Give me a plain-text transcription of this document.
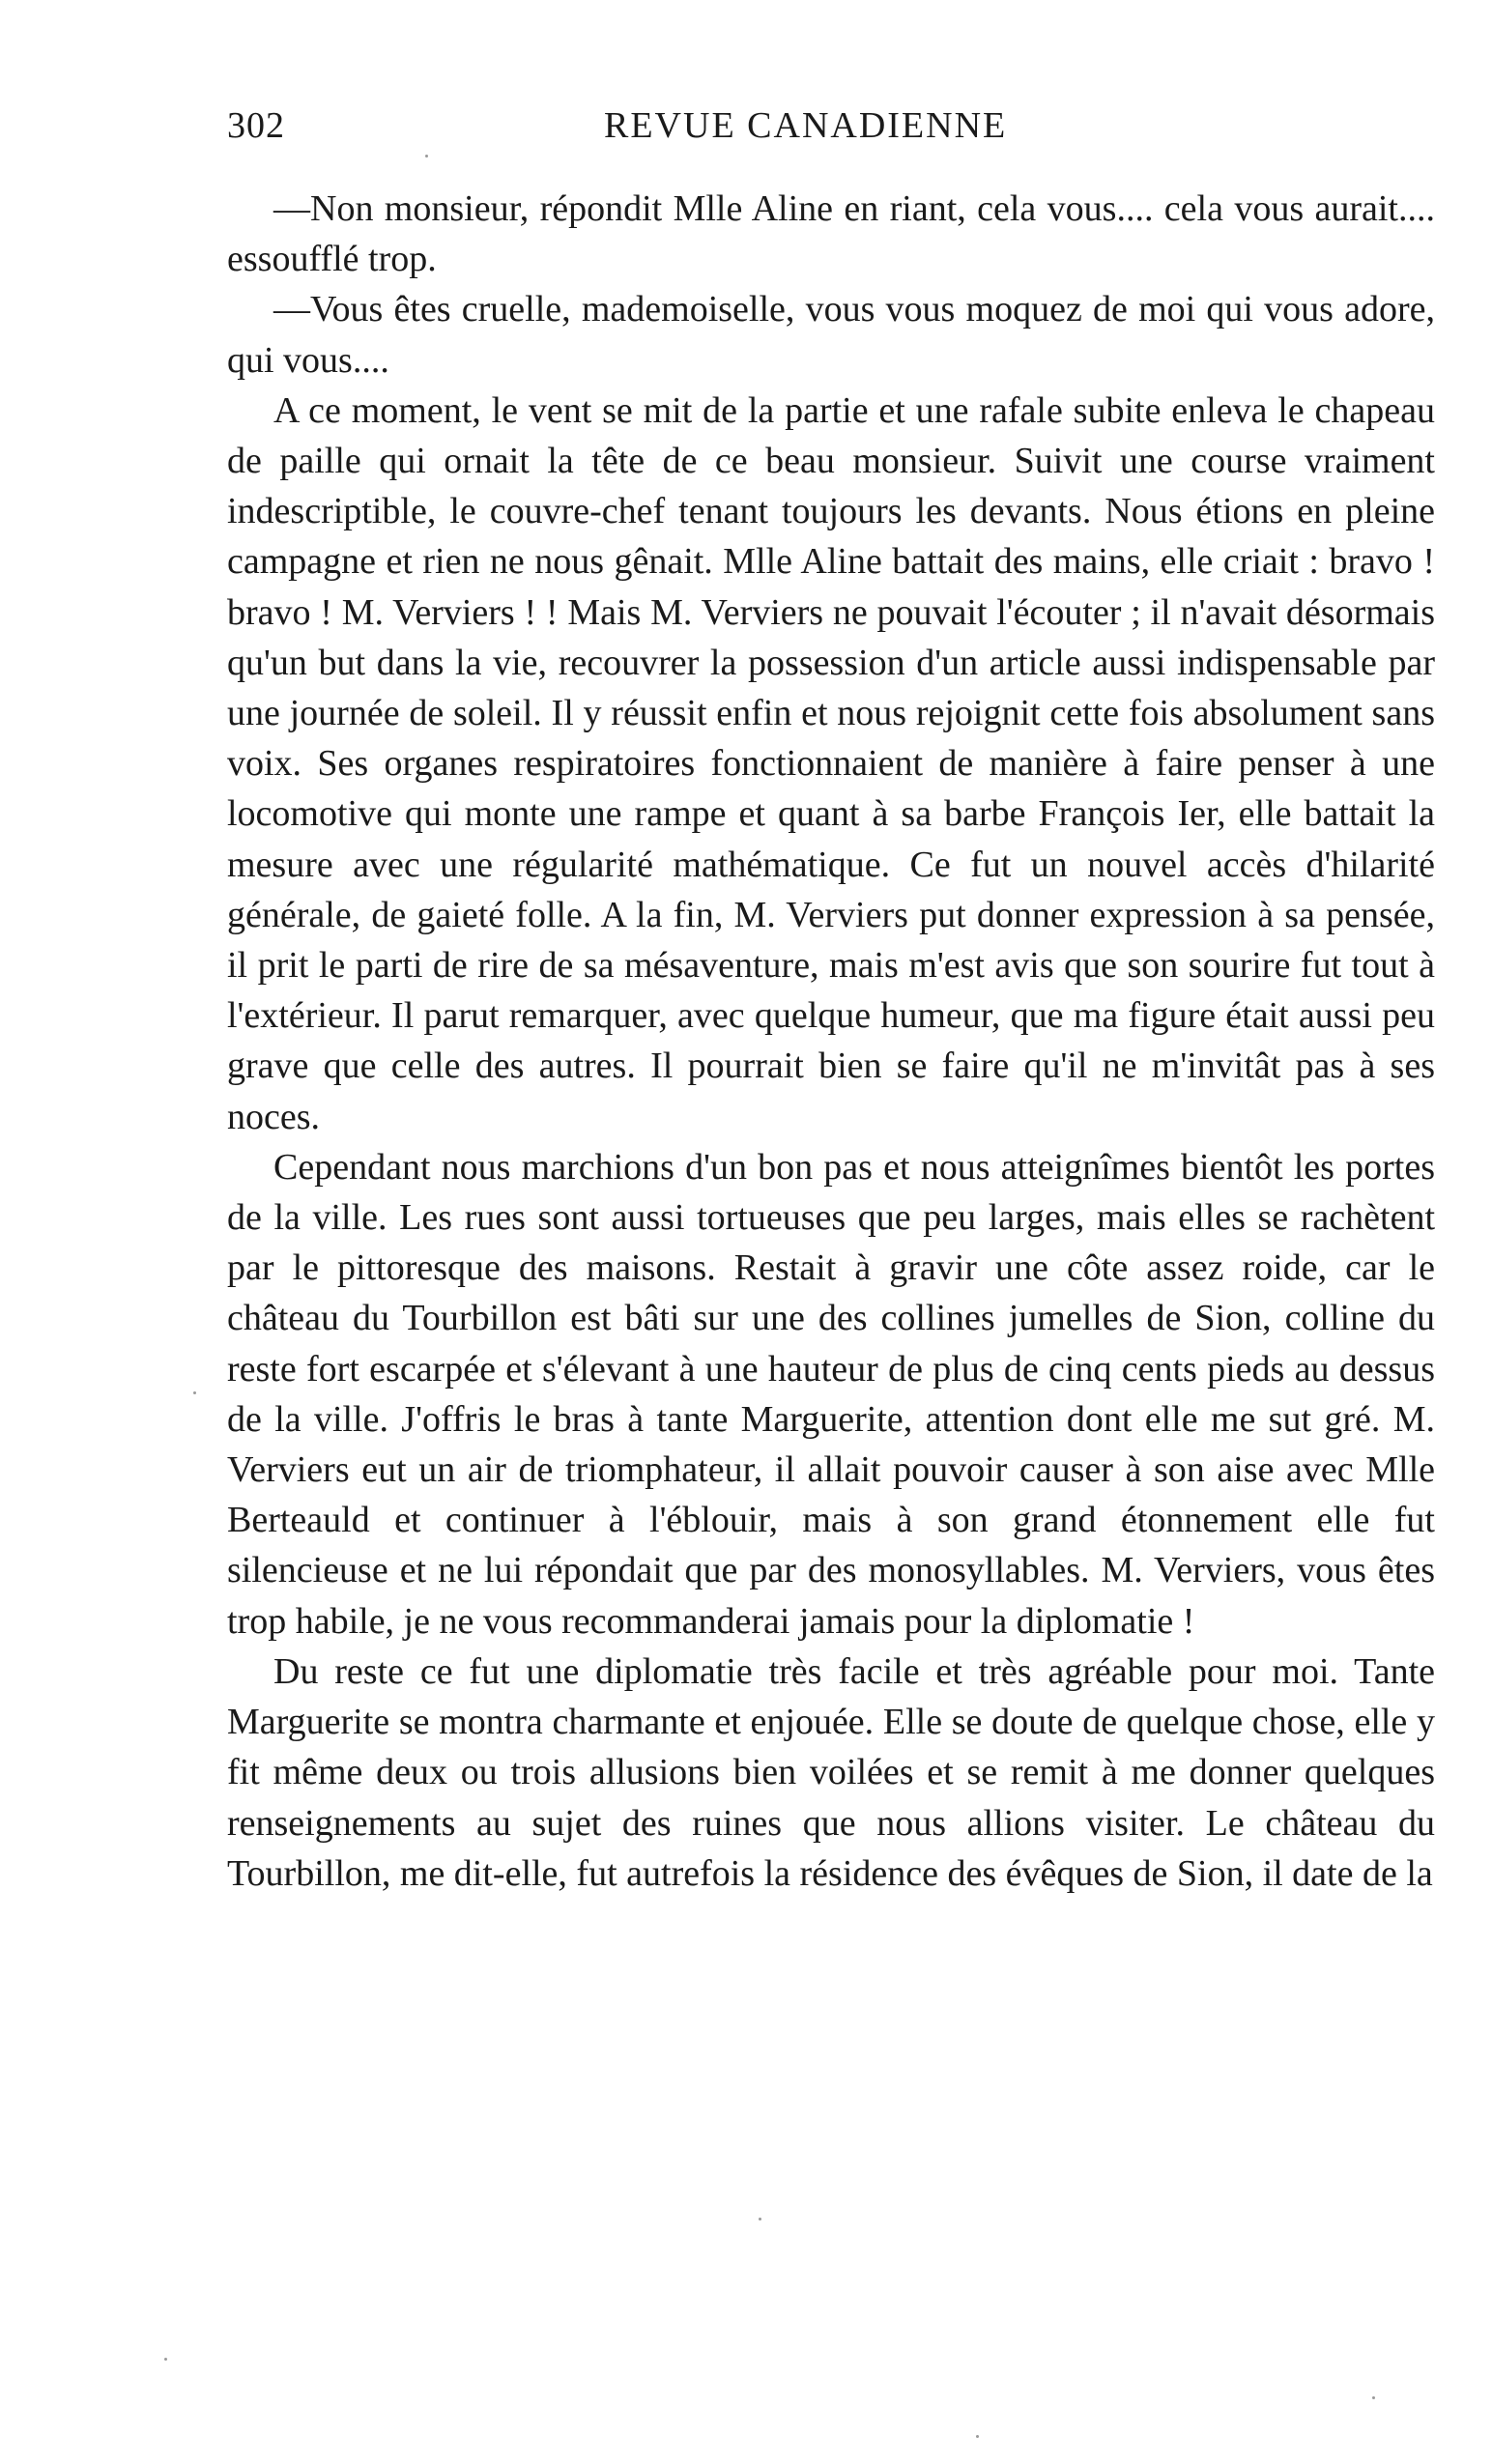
302	REVUE CANADIENNE

—Non monsieur, répondit Mlle Aline en riant, cela vous.... cela vous aurait.... essoufflé trop.

—Vous êtes cruelle, mademoiselle, vous vous moquez de moi qui vous adore, qui vous....

A ce moment, le vent se mit de la partie et une rafale subite enleva le chapeau de paille qui ornait la tête de ce beau monsieur. Suivit une course vraiment indescriptible, le couvre-chef tenant toujours les devants. Nous étions en pleine campagne et rien ne nous gênait. Mlle Aline battait des mains, elle criait : bravo ! bravo ! M. Verviers ! ! Mais M. Verviers ne pouvait l'écouter ; il n'avait désormais qu'un but dans la vie, recouvrer la possession d'un article aussi indispensable par une journée de soleil. Il y réussit enfin et nous rejoignit cette fois absolument sans voix. Ses organes respiratoires fonctionnaient de manière à faire penser à une locomotive qui monte une rampe et quant à sa barbe François Ier, elle battait la mesure avec une régularité mathématique. Ce fut un nouvel accès d'hilarité générale, de gaieté folle. A la fin, M. Verviers put donner expression à sa pensée, il prit le parti de rire de sa mésaventure, mais m'est avis que son sourire fut tout à l'extérieur. Il parut remarquer, avec quelque humeur, que ma figure était aussi peu grave que celle des autres. Il pourrait bien se faire qu'il ne m'invitât pas à ses noces.

Cependant nous marchions d'un bon pas et nous atteignîmes bientôt les portes de la ville. Les rues sont aussi tortueuses que peu larges, mais elles se rachètent par le pittoresque des maisons. Restait à gravir une côte assez roide, car le château du Tourbillon est bâti sur une des collines jumelles de Sion, colline du reste fort escarpée et s'élevant à une hauteur de plus de cinq cents pieds au dessus de la ville. J'offris le bras à tante Marguerite, attention dont elle me sut gré. M. Verviers eut un air de triomphateur, il allait pouvoir causer à son aise avec Mlle Berteauld et continuer à l'éblouir, mais à son grand étonnement elle fut silencieuse et ne lui répondait que par des monosyllables. M. Verviers, vous êtes trop habile, je ne vous recommanderai jamais pour la diplomatie !

Du reste ce fut une diplomatie très facile et très agréable pour moi. Tante Marguerite se montra charmante et enjouée. Elle se doute de quelque chose, elle y fit même deux ou trois allusions bien voilées et se remit à me donner quelques renseignements au sujet des ruines que nous allions visiter. Le château du Tourbillon, me dit-elle, fut autrefois la résidence des évêques de Sion, il date de la
